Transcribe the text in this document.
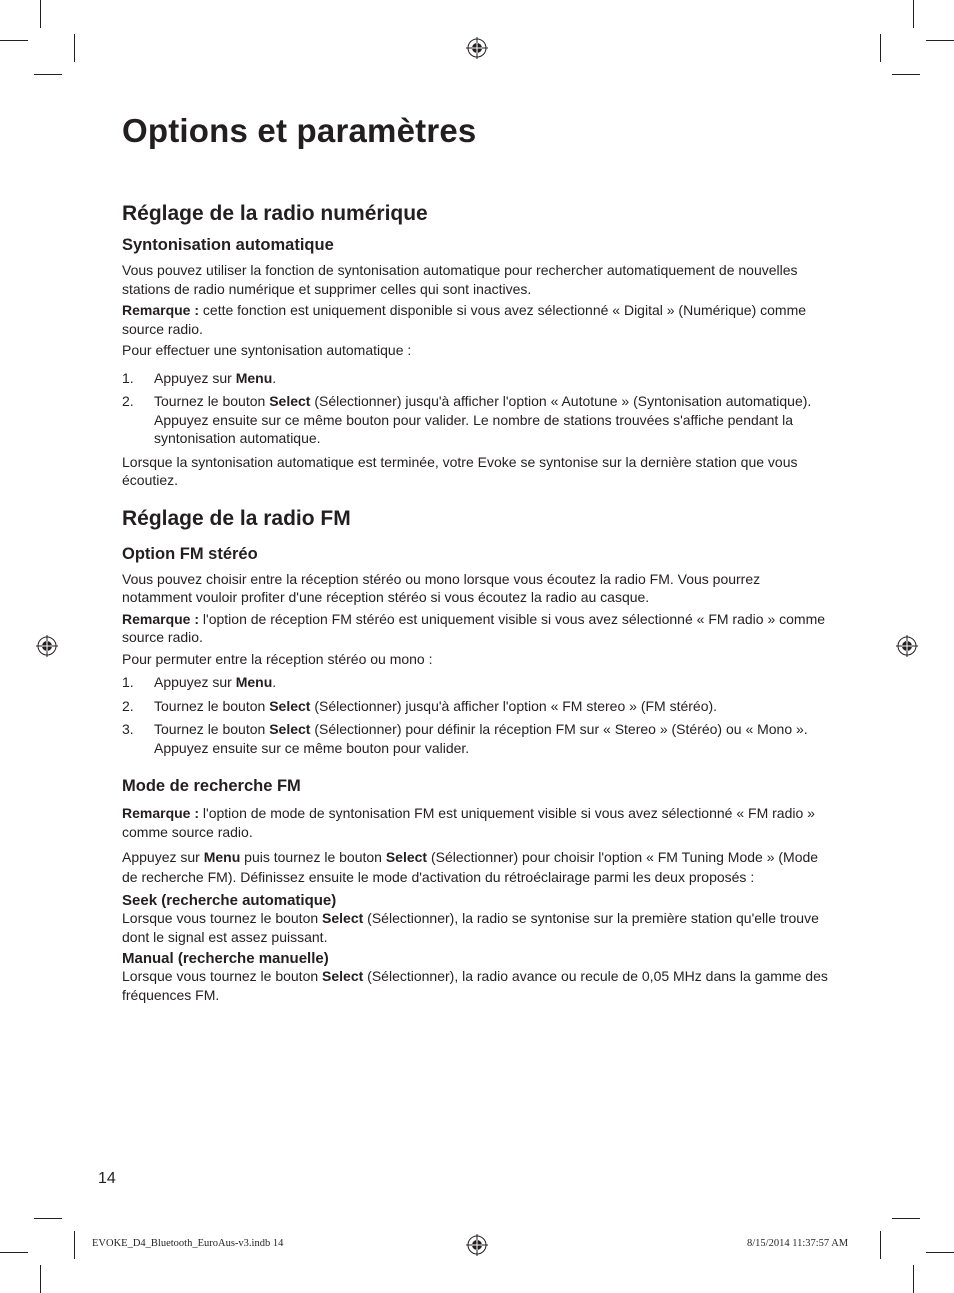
Options et paramètres
Réglage de la radio numérique
Syntonisation automatique

Vous pouvez utiliser la fonction de syntonisation automatique pour rechercher automatiquement de nouvelles stations de radio numérique et supprimer celles qui sont inactives.

Remarque : cette fonction est uniquement disponible si vous avez sélectionné « Digital » (Numérique) comme source radio.

Pour effectuer une syntonisation automatique :

1. Appuyez sur Menu.
2. Tournez le bouton Select (Sélectionner) jusqu'à afficher l'option « Autotune » (Syntonisation automatique). Appuyez ensuite sur ce même bouton pour valider. Le nombre de stations trouvées s'affiche pendant la syntonisation automatique.

Lorsque la syntonisation automatique est terminée, votre Evoke se syntonise sur la dernière station que vous écoutiez.

Réglage de la radio FM
Option FM stéréo

Vous pouvez choisir entre la réception stéréo ou mono lorsque vous écoutez la radio FM. Vous pourrez notamment vouloir profiter d'une réception stéréo si vous écoutez la radio au casque.

Remarque : l'option de réception FM stéréo est uniquement visible si vous avez sélectionné « FM radio » comme source radio.

Pour permuter entre la réception stéréo ou mono :

1. Appuyez sur Menu.
2. Tournez le bouton Select (Sélectionner) jusqu'à afficher l'option « FM stereo » (FM stéréo).
3. Tournez le bouton Select (Sélectionner) pour définir la réception FM sur « Stereo » (Stéréo) ou « Mono ». Appuyez ensuite sur ce même bouton pour valider.
Mode de recherche FM

Remarque : l'option de mode de syntonisation FM est uniquement visible si vous avez sélectionné « FM radio » comme source radio.

Appuyez sur Menu puis tournez le bouton Select (Sélectionner) pour choisir l'option « FM Tuning Mode » (Mode de recherche FM). Définissez ensuite le mode d'activation du rétroéclairage parmi les deux proposés :

Seek (recherche automatique)

Lorsque vous tournez le bouton Select (Sélectionner), la radio se syntonise sur la première station qu'elle trouve dont le signal est assez puissant.

Manual (recherche manuelle)

Lorsque vous tournez le bouton Select (Sélectionner), la radio avance ou recule de 0,05 MHz dans la gamme des fréquences FM.

14
EVOKE_D4_Bluetooth_EuroAus-v3.indb 14	8/15/2014 11:37:57 AM
